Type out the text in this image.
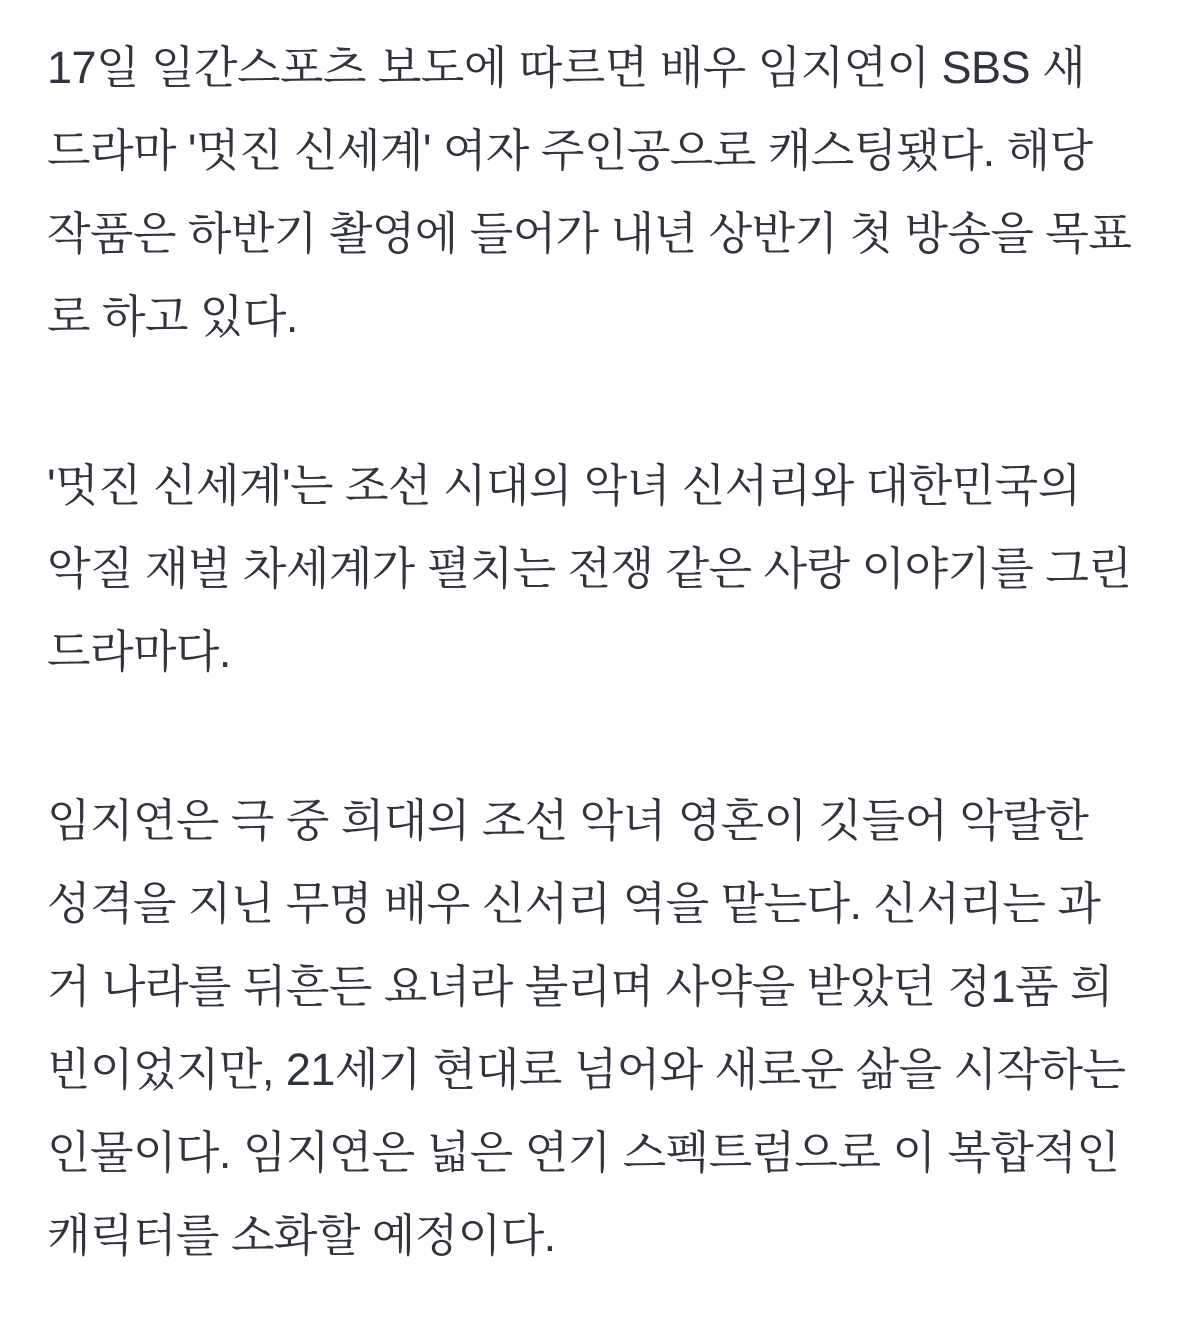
17일 일간스포츠 보도에 따르면 배우 임지연이 SBS 새 드라마 '멋진 신세계' 여자 주인공으로 캐스팅됐다. 해당 작품은 하반기 촬영에 들어가 내년 상반기 첫 방송을 목표로 하고 있다.

'멋진 신세계'는 조선 시대의 악녀 신서리와 대한민국의 악질 재벌 차세계가 펼치는 전쟁 같은 사랑 이야기를 그린 드라마다.

임지연은 극 중 희대의 조선 악녀 영혼이 깃들어 악랄한 성격을 지닌 무명 배우 신서리 역을 맡는다. 신서리는 과거 나라를 뒤흔든 요녀라 불리며 사약을 받았던 정1품 희빈이었지만, 21세기 현대로 넘어와 새로운 삶을 시작하는 인물이다. 임지연은 넓은 연기 스펙트럼으로 이 복합적인 캐릭터를 소화할 예정이다.
